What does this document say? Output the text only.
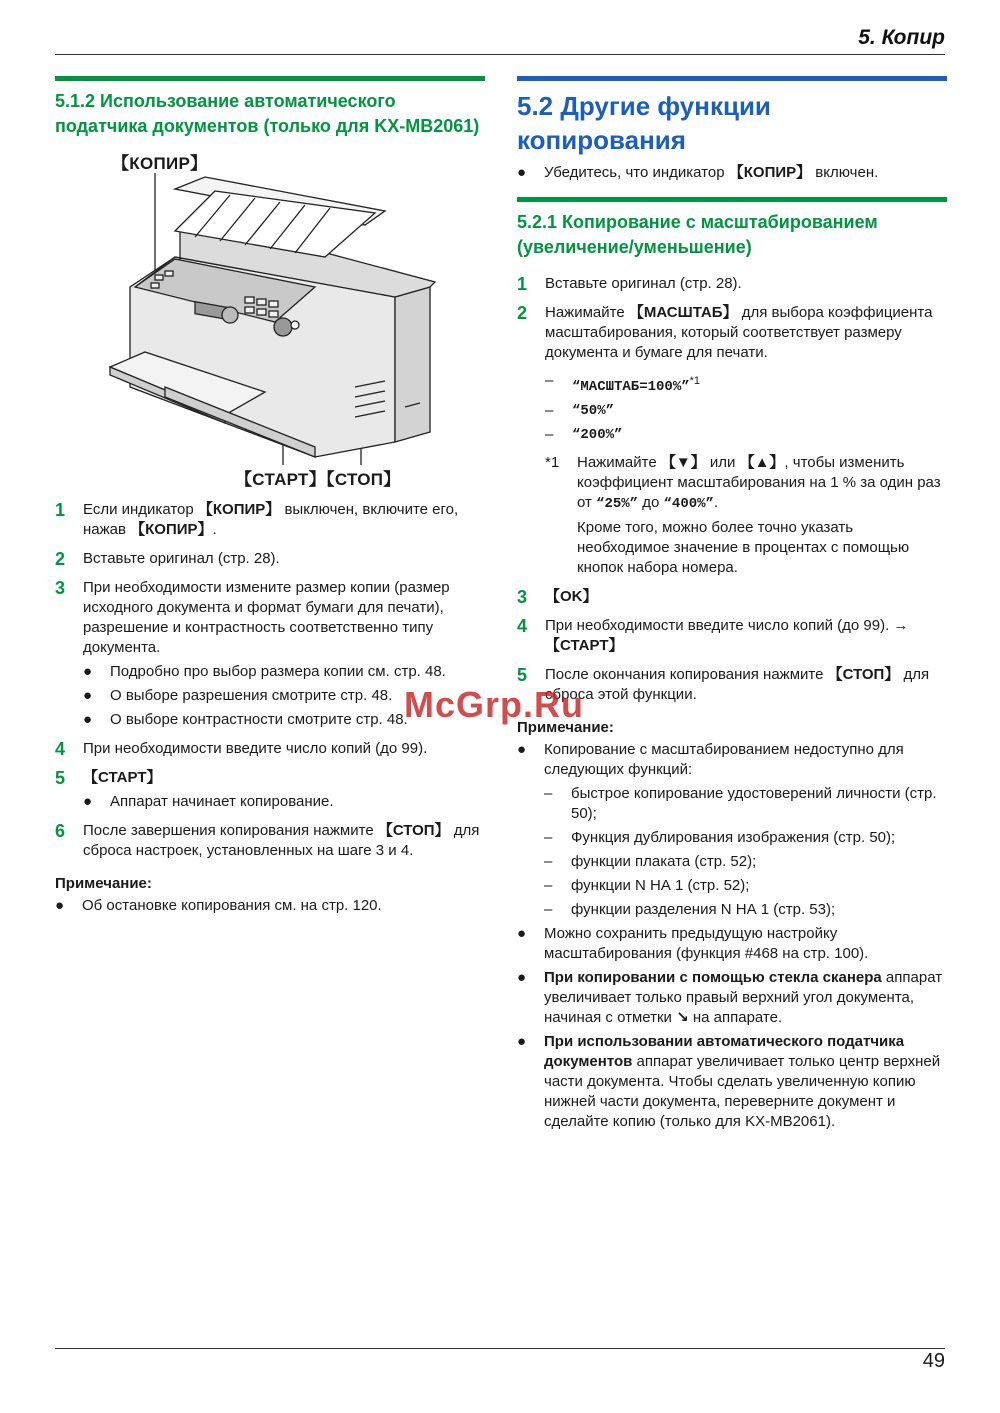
5. Копир
5.1.2 Использование автоматического податчика документов (только для KX-MB2061)
【КОПИР】
【СТАРТ】【СТОП】
1	Если индикатор 【КОПИР】 выключен, включите его, нажав 【КОПИР】.
2	Вставьте оригинал (стр. 28).
3	При необходимости измените размер копии (размер исходного документа и формат бумаги для печати), разрешение и контрастность соответственно типу документа.
●	Подробно про выбор размера копии см. стр. 48.
●	О выборе разрешения смотрите стр. 48.
●	О выборе контрастности смотрите стр. 48.
4	При необходимости введите число копий (до 99).
5	【СТАРТ】
●	Аппарат начинает копирование.
6	После завершения копирования нажмите 【СТОП】 для сброса настроек, установленных на шаге 3 и 4.
Примечание:
●	Об остановке копирования см. на стр. 120.
5.2 Другие функции копирования
●	Убедитесь, что индикатор 【КОПИР】 включен.
5.2.1 Копирование с масштабированием (увеличение/уменьшение)
1	Вставьте оригинал (стр. 28).
2	Нажимайте 【МАСШТАБ】 для выбора коэффициента масштабирования, который соответствует размеру документа и бумаге для печати.
–	“МАСШТАБ=100%”$^{*1}$
–	“50%”
–	“200%”
*1	Нажимайте 【▼】 или 【▲】, чтобы изменить коэффициент масштабирования на 1 % за один раз от “25%” до “400%”.
Кроме того, можно более точно указать необходимое значение в процентах с помощью кнопок набора номера.
3	【OK】
4	При необходимости введите число копий (до 99). →
【СТАРТ】
5	После окончания копирования нажмите 【СТОП】 для сброса этой функции.
Примечание:
●	Копирование с масштабированием недоступно для следующих функций:
–	быстрое копирование удостоверений личности (стр. 50);
–	Функция дублирования изображения (стр. 50);
–	функции плаката (стр. 52);
–	функции N НА 1 (стр. 52);
–	функции разделения N НА 1 (стр. 53);
●	Можно сохранить предыдущую настройку масштабирования (функция #468 на стр. 100).
●	При копировании с помощью стекла сканера аппарат увеличивает только правый верхний угол документа, начиная с отметки ↘ на аппарате.
●	При использовании автоматического податчика документов аппарат увеличивает только центр верхней части документа. Чтобы сделать увеличенную копию нижней части документа, переверните документ и сделайте копию (только для KX-MB2061).
McGrp.Ru
49
